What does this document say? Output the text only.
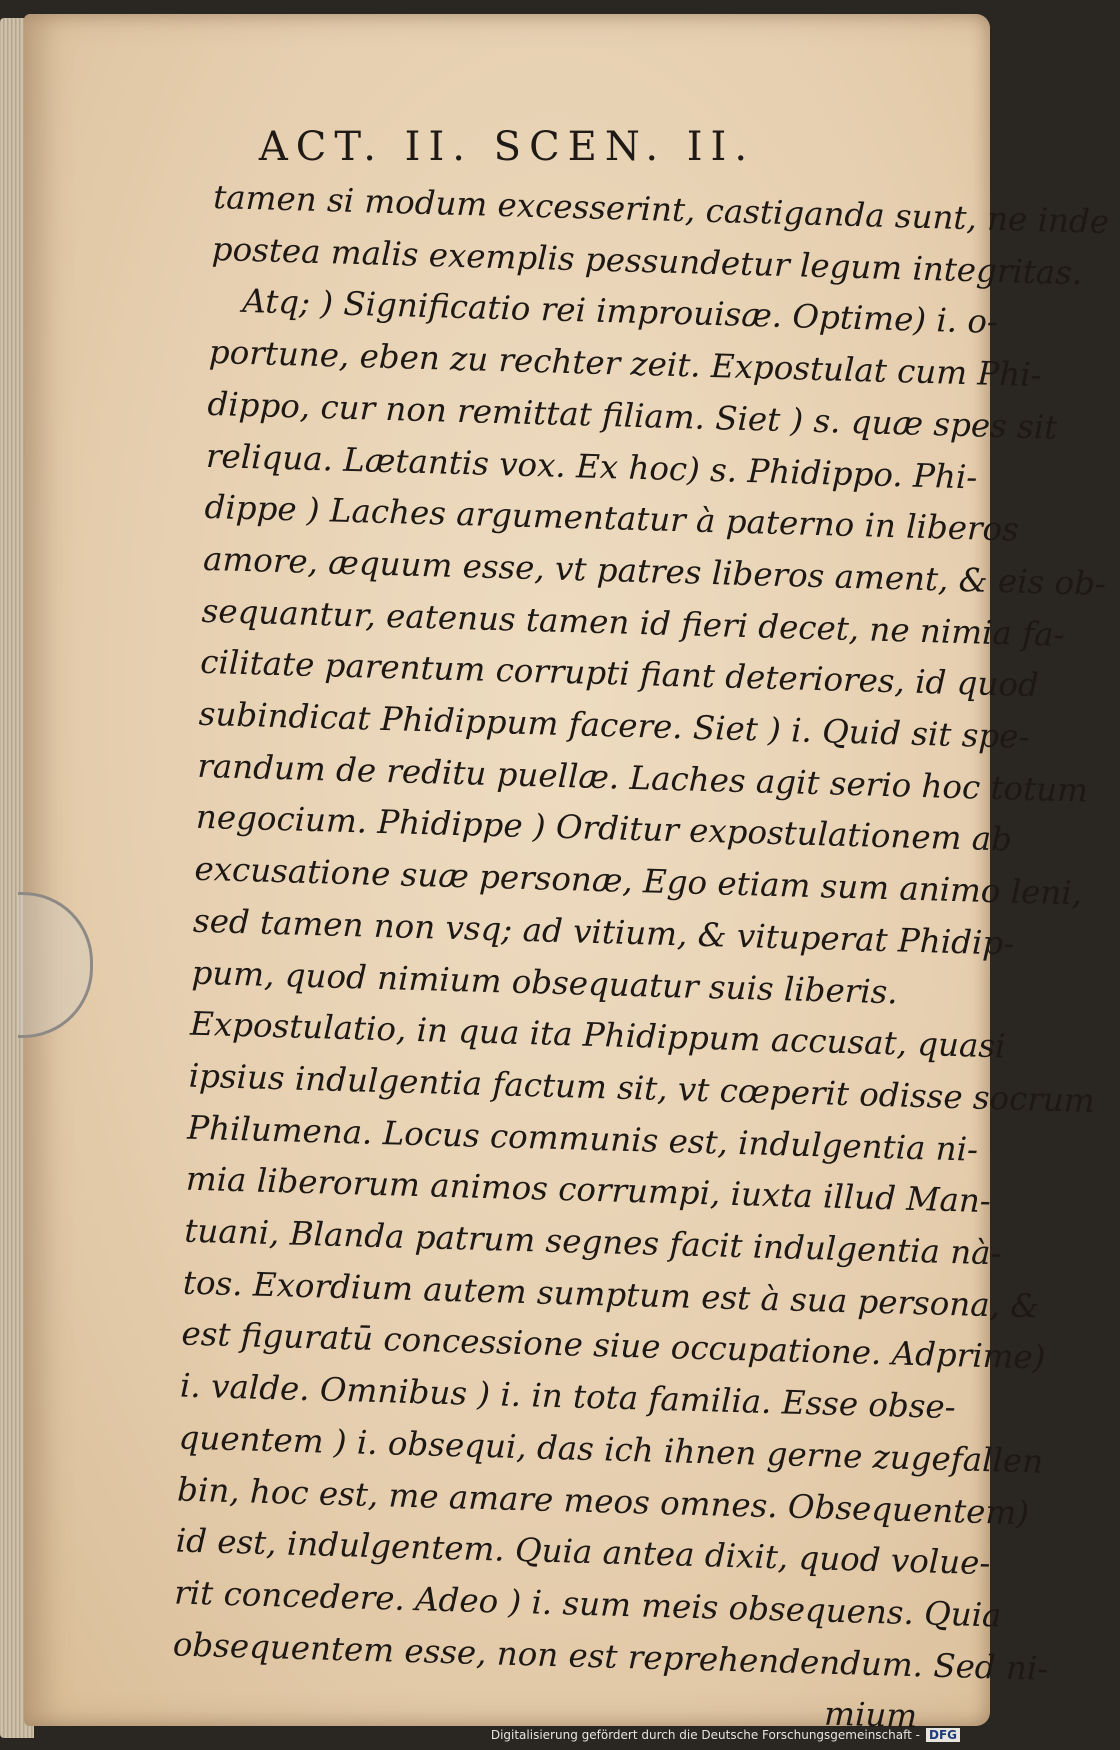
ACT. II. SCEN. II.
tamen si modum excesserint, castiganda sunt, ne inde
postea malis exemplis pessundetur legum integritas.
Atq; ) Significatio rei improuisæ. Optime) i. o-
portune, eben zu rechter zeit. Expostulat cum Phi-
dippo, cur non remittat filiam. Siet ) s. quæ spes sit
reliqua. Lætantis vox. Ex hoc) s. Phidippo. Phi-
dippe ) Laches argumentatur à paterno in liberos
amore, æquum esse, vt patres liberos ament, & eis ob-
sequantur, eatenus tamen id fieri decet, ne nimia fa-
cilitate parentum corrupti fiant deteriores, id quod
subindicat Phidippum facere. Siet ) i. Quid sit spe-
randum de reditu puellæ. Laches agit serio hoc totum
negocium. Phidippe ) Orditur expostulationem ab
excusatione suæ personæ, Ego etiam sum animo leni,
sed tamen non vsq; ad vitium, & vituperat Phidip-
pum, quod nimium obsequatur suis liberis.
Expostulatio, in qua ita Phidippum accusat, quasi
ipsius indulgentia factum sit, vt cœperit odisse socrum
Philumena. Locus communis est, indulgentia ni-
mia liberorum animos corrumpi, iuxta illud Man-
tuani, Blanda patrum segnes facit indulgentia nà-
tos. Exordium autem sumptum est à sua persona, &
est figuratū concessione siue occupatione. Adprime)
i. valde. Omnibus ) i. in tota familia. Esse obse-
quentem ) i. obsequi, das ich ihnen gerne zugefallen
bin, hoc est, me amare meos omnes. Obsequentem)
id est, indulgentem. Quia antea dixit, quod volue-
rit concedere. Adeo ) i. sum meis obsequens. Quia
obsequentem esse, non est reprehendendum. Sed ni-
mium
Digitalisierung gefördert durch die Deutsche Forschungsgemeinschaft - DFG
